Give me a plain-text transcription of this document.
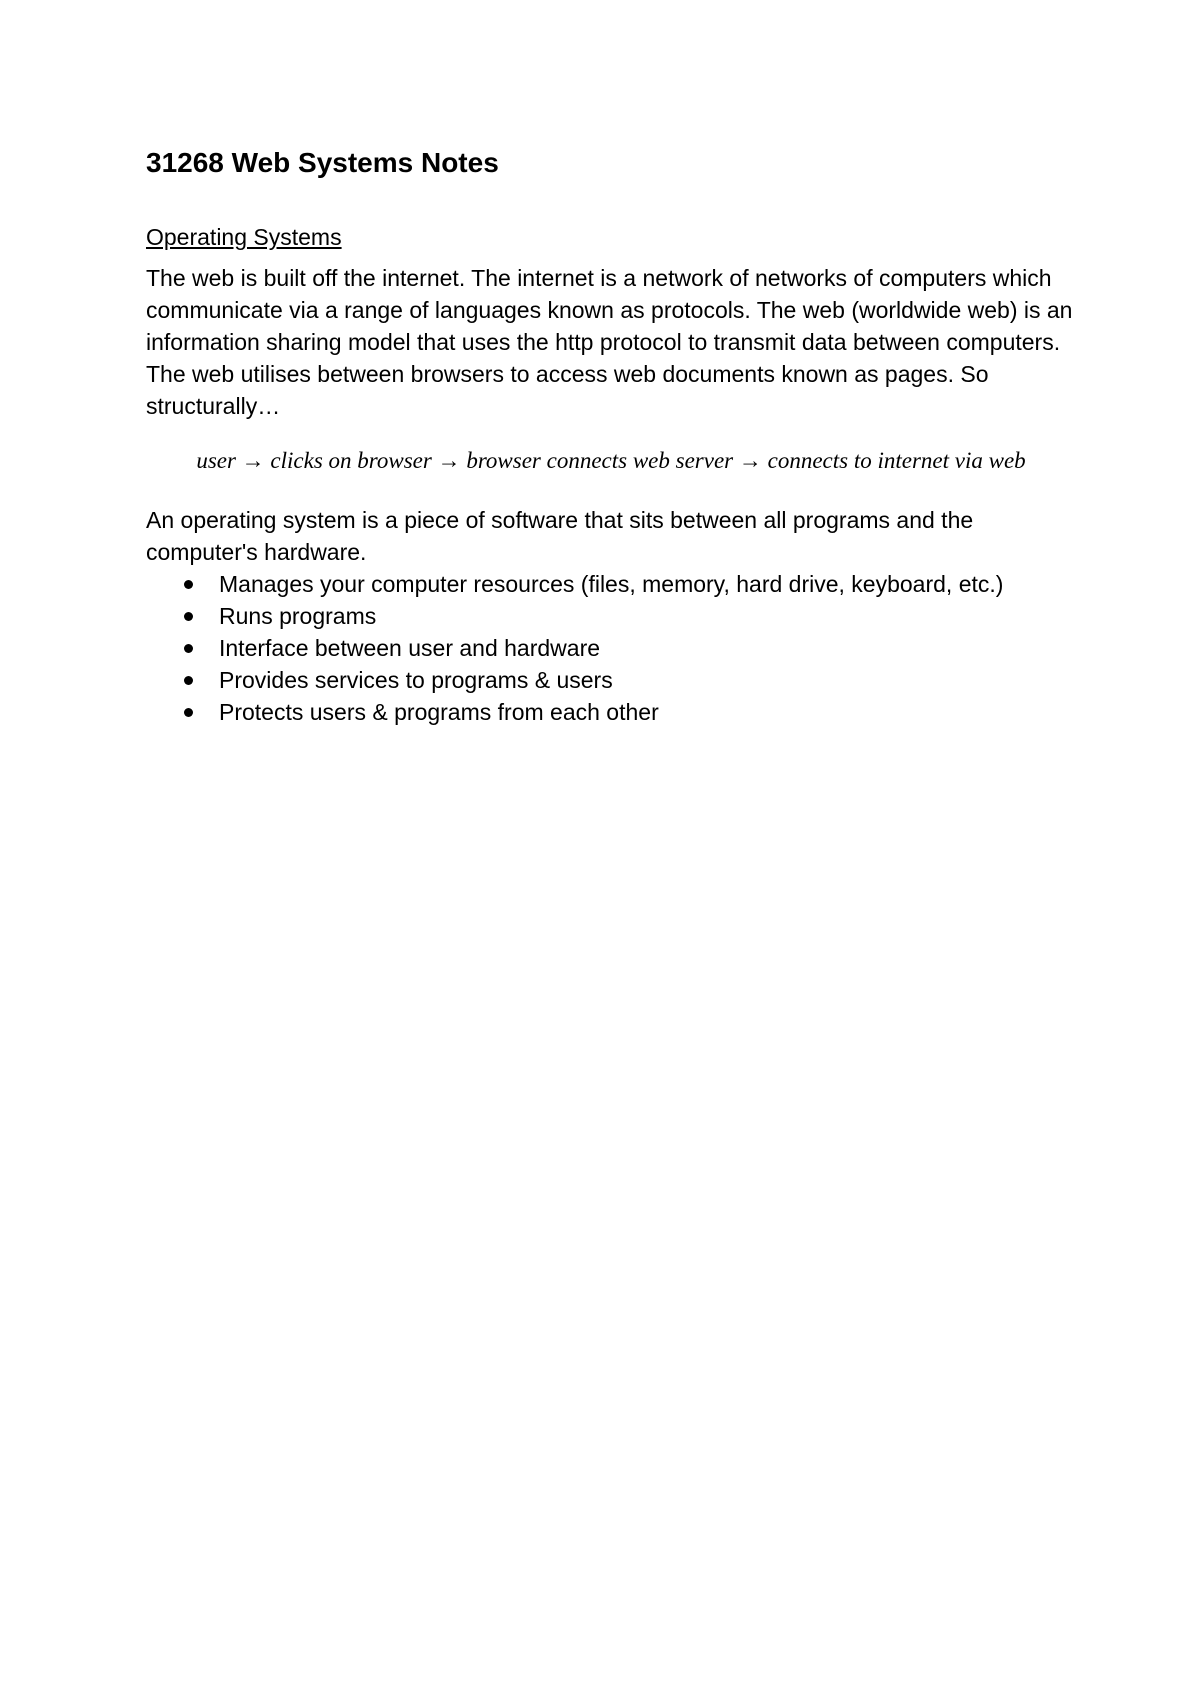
31268 Web Systems Notes
Operating Systems

The web is built off the internet. The internet is a network of networks of computers which communicate via a range of languages known as protocols. The web (worldwide web) is an information sharing model that uses the http protocol to transmit data between computers. The web utilises between browsers to access web documents known as pages. So structurally…

user → clicks on browser → browser connects web server → connects to internet via web

An operating system is a piece of software that sits between all programs and the computer's hardware.

Manages your computer resources (files, memory, hard drive, keyboard, etc.)
Runs programs
Interface between user and hardware
Provides services to programs & users
Protects users & programs from each other
